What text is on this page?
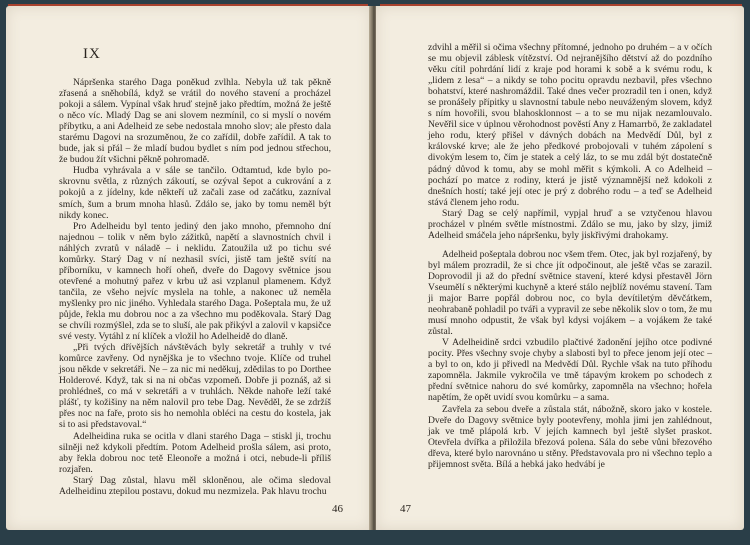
IX

Nápršenka starého Daga poněkud zvlhla. Nebyla už tak pěkně zřasená a sněhobílá, když se vrátil do nového stavení a procházel pokoji a sálem. Vypínal však hruď stejně jako předtím, možná že ještě o něco víc. Mladý Dag se ani slovem nezmínil, co si myslí o novém příbytku, a ani Adelheid ze sebe nedostala mnoho slov; ale přesto dala starému Dagovi na srozuměnou, že co zařídil, dobře zařídil. A tak to bude, jak si přál – že mladí budou bydlet s ním pod jednou střechou, že budou žít všichni pěkně pohromadě.

Hudba vyhrávala a v sále se tančilo. Odtamtud, kde bylo po-skrovnu světla, z různých zákoutí, se ozýval šepot a cukrování a z pokojů a z jídelny, kde někteří už začali zase od začátku, zazníval smích, šum a brum mnoha hlasů. Zdálo se, jako by tomu neměl být nikdy konec.

Pro Adelheidu byl tento jediný den jako mnoho, přemnoho dní najednou – tolik v něm bylo zážitků, napětí a slavnostních chvil i náhlých zvratů v náladě – i neklidu. Zatoužila už po tichu své komůrky. Starý Dag v ní nezhasil svíci, jistě tam ještě svítí na příborníku, v kamnech hoří oheň, dveře do Dagovy světnice jsou otevřené a mohutný pařez v krbu už asi vzplanul plamenem. Když tančila, ze všeho nejvíc myslela na tohle, a nakonec už neměla myšlenky pro nic jiného. Vyhledala starého Daga. Pošeptala mu, že už půjde, řekla mu dobrou noc a za všechno mu poděkovala. Starý Dag se chvíli rozmýšlel, zda se to sluší, ale pak přikývl a zalovil v kapsičce své vesty. Vytáhl z ní klíček a vložil ho Adelheidě do dlaně.

„Při tvých dřívějších návštěvách byly sekretář a truhly v tvé komůrce zavřeny. Od nynějška je to všechno tvoje. Klíče od truhel jsou někde v sekretáři. Ne – za nic mi neděkuj, zdědilas to po Dorthee Holderové. Když, tak si na ni občas vzpomeň. Dobře ji poznáš, až si prohlédneš, co má v sekretáři a v truhlách. Někde nahoře leží také plášť, ty kožišiny na něm nalovil pro tebe Dag. Nevěděl, že se zdržíš přes noc na faře, proto sis ho nemohla obléci na cestu do kostela, jak si to asi představoval.“

Adelheidina ruka se ocitla v dlani starého Daga – stiskl ji, trochu silněji než kdykoli předtím. Potom Adelheid prošla sálem, asi proto, aby řekla dobrou noc tetě Eleonoře a možná i otci, nebude-li příliš rozjařen.

Starý Dag zůstal, hlavu měl skloněnou, ale očima sledoval Adelheidinu ztepilou postavu, dokud mu nezmizela. Pak hlavu trochu

46

zdvihl a měřil si očima všechny přítomné, jednoho po druhém – a v očích se mu objevil záblesk vítězství. Od nejranějšího dětství až do pozdního věku cítil pohrdání lidí z kraje pod horami k sobě a k svému rodu, k „lidem z lesa“ – a nikdy se toho pocitu opravdu nezbavil, přes všechno bohatství, které nashromáždil. Také dnes večer prozradil ten i onen, když se pronášely přípitky u slavnostní tabule nebo neuváženým slovem, když s ním hovořili, svou blahosklonnost – a to se mu nijak nezamlouvalo. Nevěřil sice v úplnou věrohodnost pověstí Any z Hamarrbö, že zakladatel jeho rodu, který přišel v dávných dobách na Medvědí Důl, byl z královské krve; ale že jeho předkové probojovali v tuhém zápolení s divokým lesem to, čím je statek a celý láz, to se mu zdál být dostatečně pádný důvod k tomu, aby se mohl měřit s kýmkoli. A co Adelheid – pochází po matce z rodiny, která je jistě významnější než kdokoli z dnešních hostí; také její otec je prý z dobrého rodu – a teď se Adelheid stává členem jeho rodu.

Starý Dag se celý napřímil, vypjal hruď a se vztyčenou hlavou procházel v plném světle místnostmi. Zdálo se mu, jako by slzy, jimiž Adelheid smáčela jeho nápršenku, byly jiskřivými drahokamy.

Adelheid pošeptala dobrou noc všem třem. Otec, jak byl rozjařený, by byl málem prozradil, že si chce jít odpočinout, ale ještě včas se zarazil. Doprovodil ji až do přední světnice stavení, které kdysi přestavěl Jörn Vseumělí s některými kuchyně a které stálo nejblíž novému stavení. Tam ji major Barre popřál dobrou noc, co byla devítiletým děvčátkem, neohrabaně pohladil po tváři a vypravil ze sebe několik slov o tom, že mu musí mnoho odpustit, že však byl kdysi vojákem – a vojákem že také zůstal.

V Adelheidině srdci vzbudilo plačtivé žadonění jejího otce podivné pocity. Přes všechny svoje chyby a slabosti byl to přece jenom její otec – a byl to on, kdo ji přivedl na Medvědí Důl. Rychle však na tuto příhodu zapomněla. Jakmile vykročila ve tmě tápavým krokem po schodech z přední světnice nahoru do své komůrky, zapomněla na všechno; hořela napětím, že opět uvidí svou komůrku – a sama.

Zavřela za sebou dveře a zůstala stát, nábožně, skoro jako v kostele. Dveře do Dagovy světnice byly pootevřeny, mohla jimi jen zahlédnout, jak ve tmě plápolá krb. V jejích kamnech byl ještě slyšet praskot. Otevřela dvířka a přiložila březová polena. Sála do sebe vůni březového dřeva, které bylo narovnáno u stěny. Představovala pro ni všechno teplo a přijemnost světa. Bílá a hebká jako hedvábí je

47
